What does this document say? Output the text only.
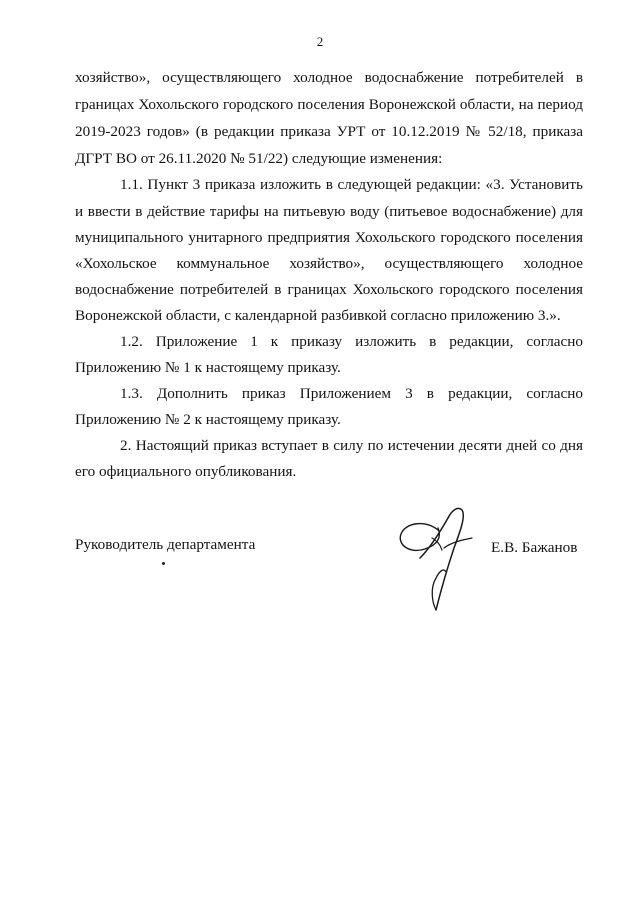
2
хозяйство», осуществляющего холодное водоснабжение потребителей в
границах Хохольского городского поселения Воронежской области, на период
2019-2023 годов» (в редакции приказа УРТ от 10.12.2019 № 52/18, приказа
ДГРТ ВО от 26.11.2020 № 51/22) следующие изменения:
1.1. Пункт 3 приказа изложить в следующей редакции: «3. Установить
и ввести в действие тарифы на питьевую воду (питьевое водоснабжение) для
муниципального унитарного предприятия Хохольского городского поселения
«Хохольское коммунальное хозяйство», осуществляющего холодное
водоснабжение потребителей в границах Хохольского городского поселения
Воронежской области, с календарной разбивкой согласно приложению 3.».
1.2. Приложение 1 к приказу изложить в редакции, согласно
Приложению № 1 к настоящему приказу.
1.3. Дополнить приказ Приложением 3 в редакции, согласно
Приложению № 2 к настоящему приказу.
2. Настоящий приказ вступает в силу по истечении десяти дней со дня
его официального опубликования.
Руководитель департамента	Е.В. Бажанов
